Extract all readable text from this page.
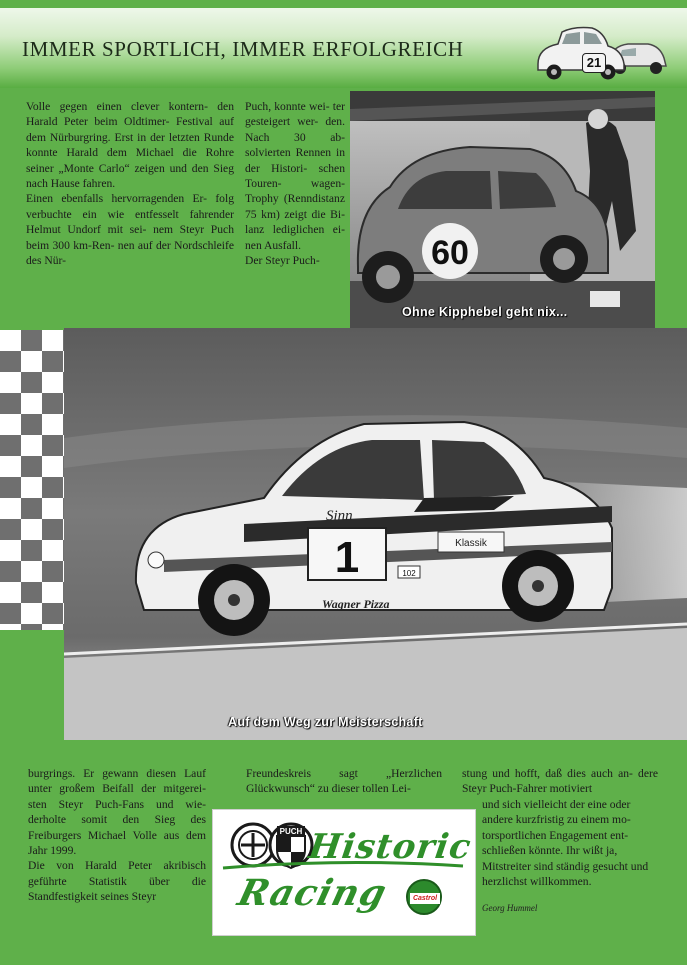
IMMER SPORTLICH, IMMER ERFOLGREICH
21

Volle gegen einen clever kontern- den Harald Peter beim Oldtimer- Festival auf dem Nürburgring. Erst in der letzten Runde konnte Harald dem Michael die Rohre seiner „Monte Carlo“ zeigen und den Sieg nach Hause fahren.

Einen ebenfalls hervorragenden Er- folg verbuchte ein wie entfesselt fahrender Helmut Undorf mit sei- nem Steyr Puch beim 300 km-Ren- nen auf der Nordschleife des Nür-

Puch, konnte wei- ter gesteigert wer- den. Nach 30 ab- solvierten Rennen in der Histori- schen Touren- wagen-Trophy (Renndistanz 75 km) zeigt die Bi- lanz lediglichen ei- nen Ausfall.

Der Steyr Puch-	60
Ohne Kipphebel geht nix...
1
Sinn
Klassik
Wagner Pizza
102
Auf dem Weg zur Meisterschaft

burgrings. Er gewann diesen Lauf unter großem Beifall der mitgerei- sten Steyr Puch-Fans und wie- derholte somit den Sieg des Freiburgers Michael Volle aus dem Jahr 1999.

Die von Harald Peter akribisch geführte Statistik über die Standfestigkeit seines Steyr

Freundeskreis sagt „Herzlichen Glückwunsch“ zu dieser tollen Lei-

stung und hofft, daß dies auch an- dere Steyr Puch-Fahrer motiviert

und sich vielleicht der eine oder andere kurzfristig zu einem mo- torsportlichen Engagement ent- schließen könnte. Ihr wißt ja, Mitstreiter sind ständig gesucht und herzlichst willkommen.

Georg Hummel
PUCH Historic
Racing	Castrol
